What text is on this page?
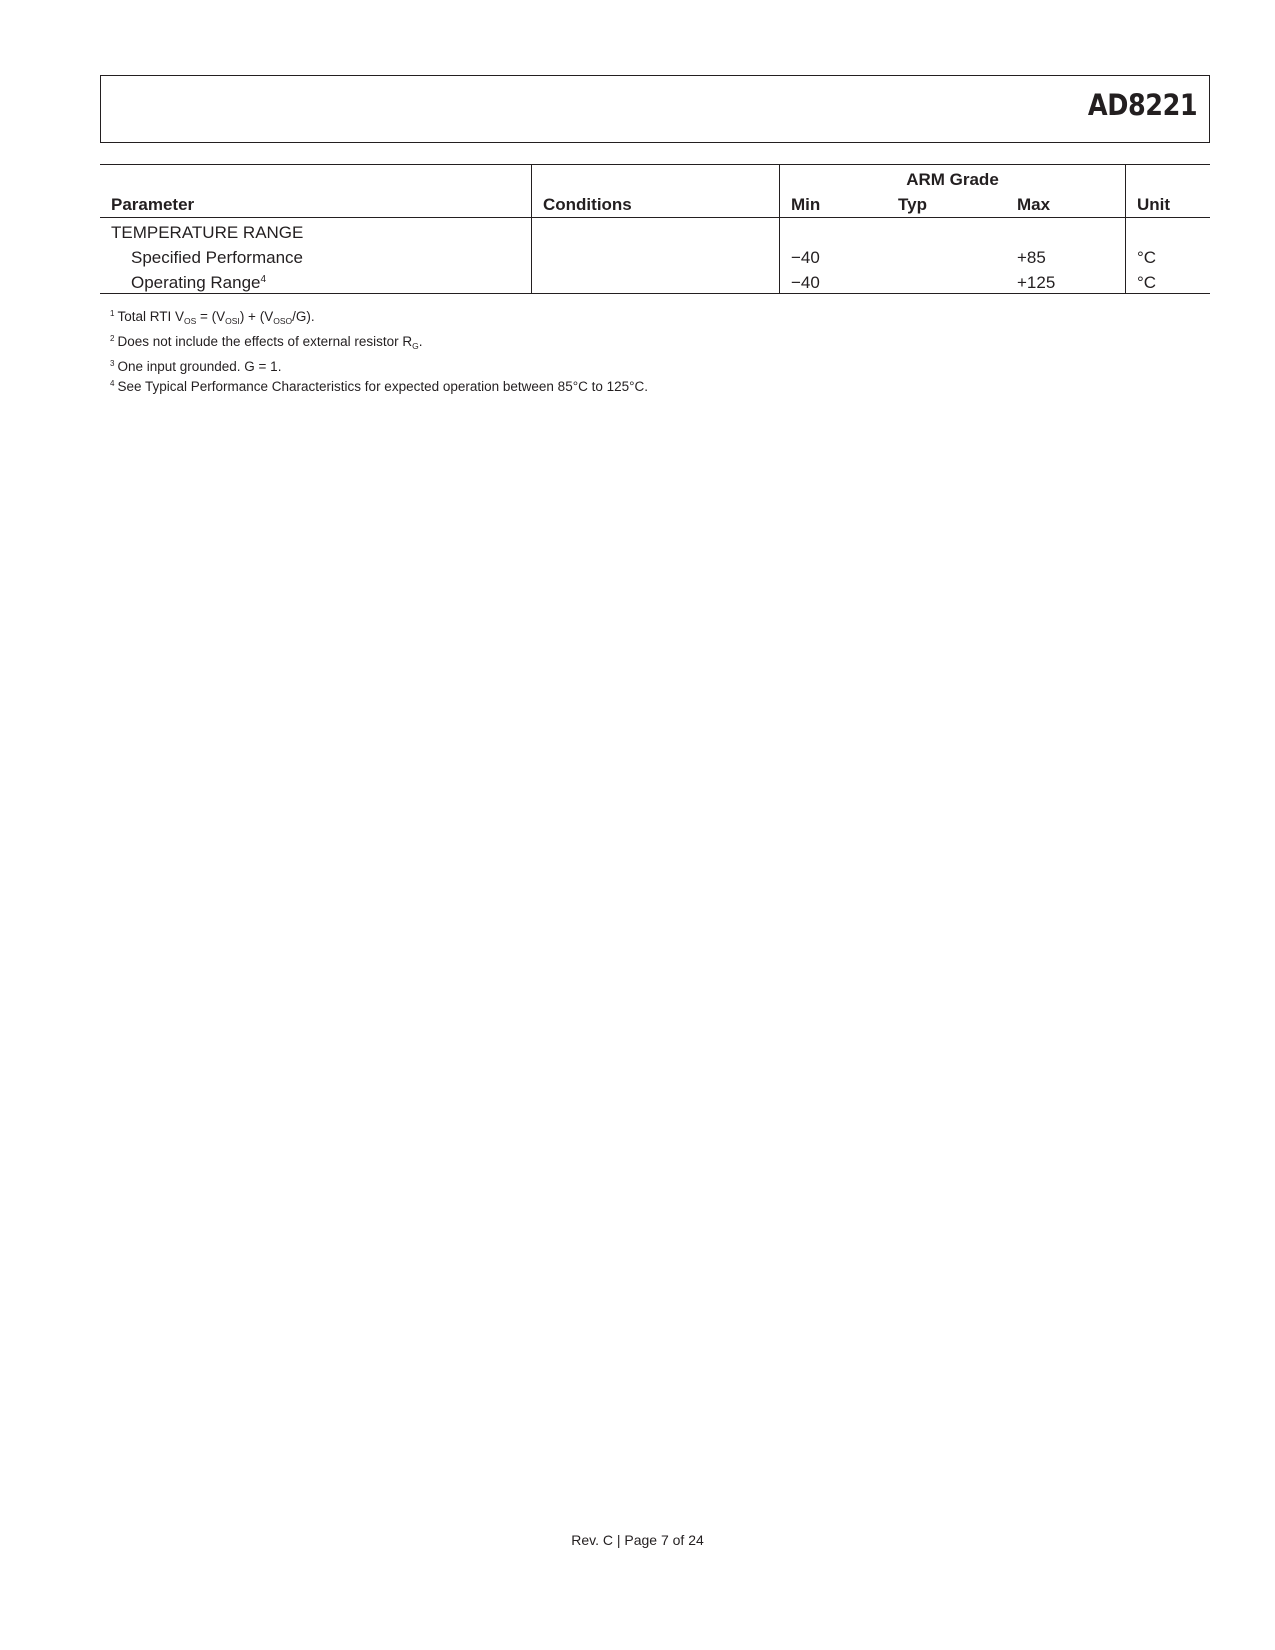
AD8221
		ARM Grade			
Parameter	Conditions	Min	Typ	Max	Unit
TEMPERATURE RANGE					
Specified Performance		−40		+85	°C
Operating Range$^4$		−40		+125	°C
$^1$ Total RTI $V_{OS} = (V_{OSI}) + (V_{OSO}/G)$.
$^2$ Does not include the effects of external resistor $R_G$.
$^3$ One input grounded. G = 1.
$^4$ See Typical Performance Characteristics for expected operation between 85°C to 125°C.
Rev. C | Page 7 of 24
